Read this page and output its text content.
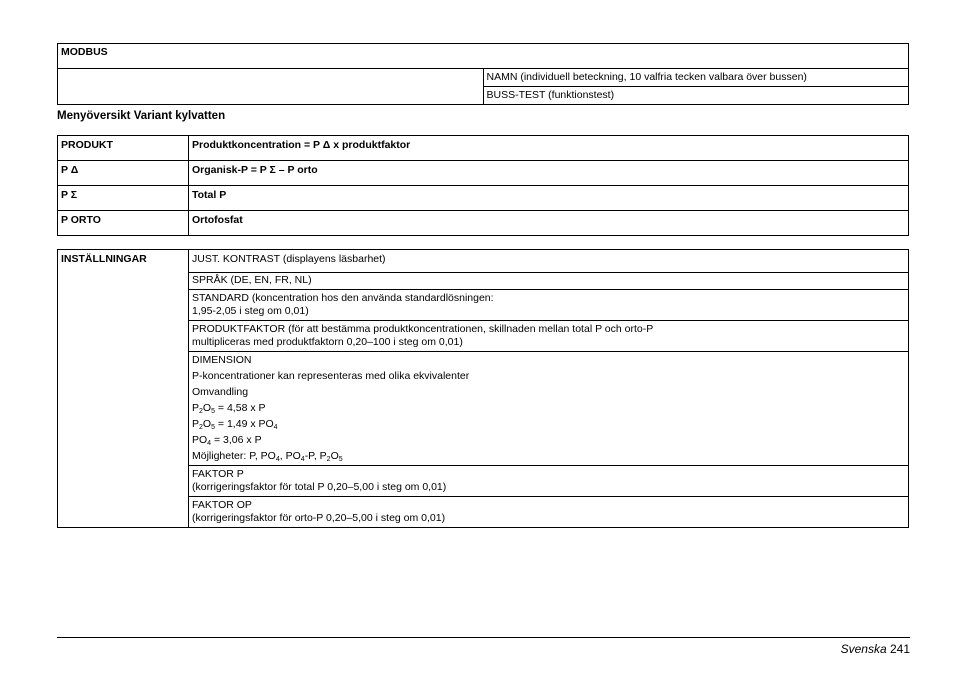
MODBUS
	NAMN (individuell beteckning, 10 valfria tecken valbara över bussen)
BUSS-TEST (funktionstest)
Menyöversikt Variant kylvatten
PRODUKT	Produktkoncentration = P Δ x produktfaktor
P Δ	Organisk-P = P Σ – P orto
P Σ	Total P
P ORTO	Ortofosfat
INSTÄLLNINGAR	JUST. KONTRAST (displayens läsbarhet)
SPRÅK (DE, EN, FR, NL)

STANDARD (koncentration hos den använda standardlösningen:
1,95-2,05 i steg om 0,01)

PRODUKTFAKTOR (för att bestämma produktkoncentrationen, skillnaden mellan total P och orto-P
multipliceras med produktfaktorn 0,20–100 i steg om 0,01)

DIMENSION
P-koncentrationer kan representeras med olika ekvivalenter
Omvandling
$P_2O_5 = 4,58$ x P
$P_2O_5 = 1,49$ x $PO_4$
$PO_4 = 3,06$ x P
Möjligheter: P, $PO_4$, $PO_4-P$, $P_2O_5$

FAKTOR P
(korrigeringsfaktor för total P 0,20–5,00 i steg om 0,01)

FAKTOR OP
(korrigeringsfaktor för orto-P 0,20–5,00 i steg om 0,01)
Svenska 241
